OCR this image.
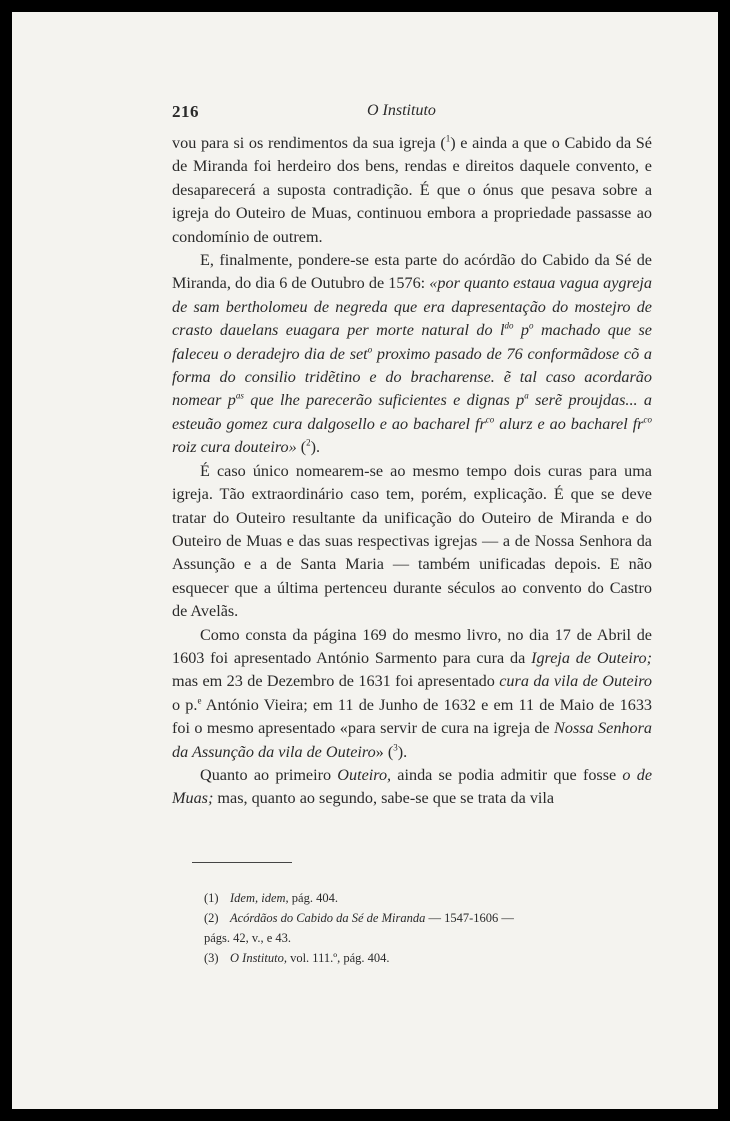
216	O Instituto

vou para si os rendimentos da sua igreja ($^1$) e ainda a que o Cabido da Sé de Miranda foi herdeiro dos bens, rendas e direitos daquele convento, e desaparecerá a suposta contradição. É que o ónus que pesava sobre a igreja do Outeiro de Muas, continuou embora a propriedade passasse ao condomínio de outrem.

E, finalmente, pondere-se esta parte do acórdão do Cabido da Sé de Miranda, do dia 6 de Outubro de 1576: «por quanto estaua vagua aygreja de sam bertholomeu de negreda que era dapresentação do mostejro de crasto dauelans euagara per morte natural do $l^{do}$ $p^o$ machado que se faleceu o deradejro dia de set$^o$ proximo pasado de 76 conformãdose cõ a forma do consilio tridẽtino e do bracharense. ẽ tal caso acordarão nomear $p^{as}$ que lhe parecerão suficientes e dignas $p^a$ serẽ proujdas... a esteuão gomez cura dalgosello e ao bacharel $fr^{co}$ alurz e ao bacharel $fr^{co}$ roiz cura douteiro» ($^2$).

É caso único nomearem-se ao mesmo tempo dois curas para uma igreja. Tão extraordinário caso tem, porém, explicação. É que se deve tratar do Outeiro resultante da unificação do Outeiro de Miranda e do Outeiro de Muas e das suas respectivas igrejas — a de Nossa Senhora da Assunção e a de Santa Maria — também unificadas depois. E não esquecer que a última pertenceu durante séculos ao convento do Castro de Avelãs.

Como consta da página 169 do mesmo livro, no dia 17 de Abril de 1603 foi apresentado António Sarmento para cura da Igreja de Outeiro; mas em 23 de Dezembro de 1631 foi apresentado cura da vila de Outeiro o p.$^e$ António Vieira; em 11 de Junho de 1632 e em 11 de Maio de 1633 foi o mesmo apresentado «para servir de cura na igreja de Nossa Senhora da Assunção da vila de Outeiro» ($^3$).

Quanto ao primeiro Outeiro, ainda se podia admitir que fosse o de Muas; mas, quanto ao segundo, sabe-se que se trata da vila

(1) Idem, idem, pág. 404.

(2) Acórdãos do Cabido da Sé de Miranda — 1547-1606 —

págs. 42, v., e 43.

(3) O Instituto, vol. 111.º, pág. 404.
